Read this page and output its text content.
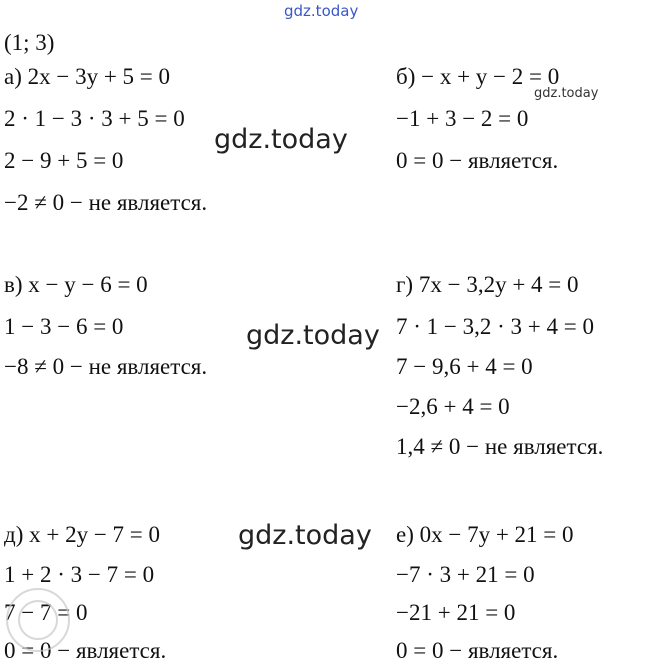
gdz.today
(1; 3)
а) 2x − 3y + 5 = 0
2 · 1 − 3 · 3 + 5 = 0
2 − 9 + 5 = 0
−2 ≠ 0 − не является.
в) x − y − 6 = 0
1 − 3 − 6 = 0
−8 ≠ 0 − не является.
д) x + 2y − 7 = 0
1 + 2 · 3 − 7 = 0
7 − 7 = 0
0 = 0 − является.
б) − x + y − 2 = 0
gdz.today
−1 + 3 − 2 = 0
0 = 0 − является.
г) 7x − 3,2y + 4 = 0
7 · 1 − 3,2 · 3 + 4 = 0
7 − 9,6 + 4 = 0
−2,6 + 4 = 0
1,4 ≠ 0 − не является.
е) 0x − 7y + 21 = 0
−7 · 3 + 21 = 0
−21 + 21 = 0
0 = 0 − является.
gdz.today
gdz.today
gdz.today
